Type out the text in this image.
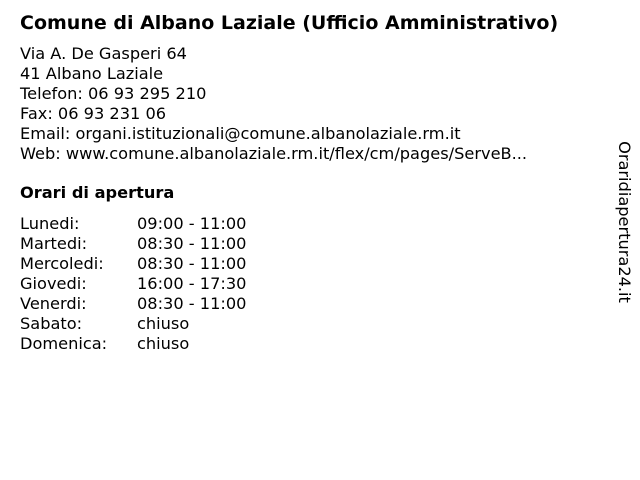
Comune di Albano Laziale (Ufficio Amministrativo)
Via A. De Gasperi 64
41 Albano Laziale
Telefon: 06 93 295 210
Fax: 06 93 231 06
Email: organi.istituzionali@comune.albanolaziale.rm.it
Web: www.comune.albanolaziale.rm.it/flex/cm/pages/ServeB...
Orari di apertura
Lunedi:	09:00 - 11:00
Martedi:	08:30 - 11:00
Mercoledi: 08:30 - 11:00
Giovedi:	16:00 - 17:30
Venerdi:	08:30 - 11:00
Sabato:	chiuso
Domenica: chiuso
Oraridiapertura24.it
